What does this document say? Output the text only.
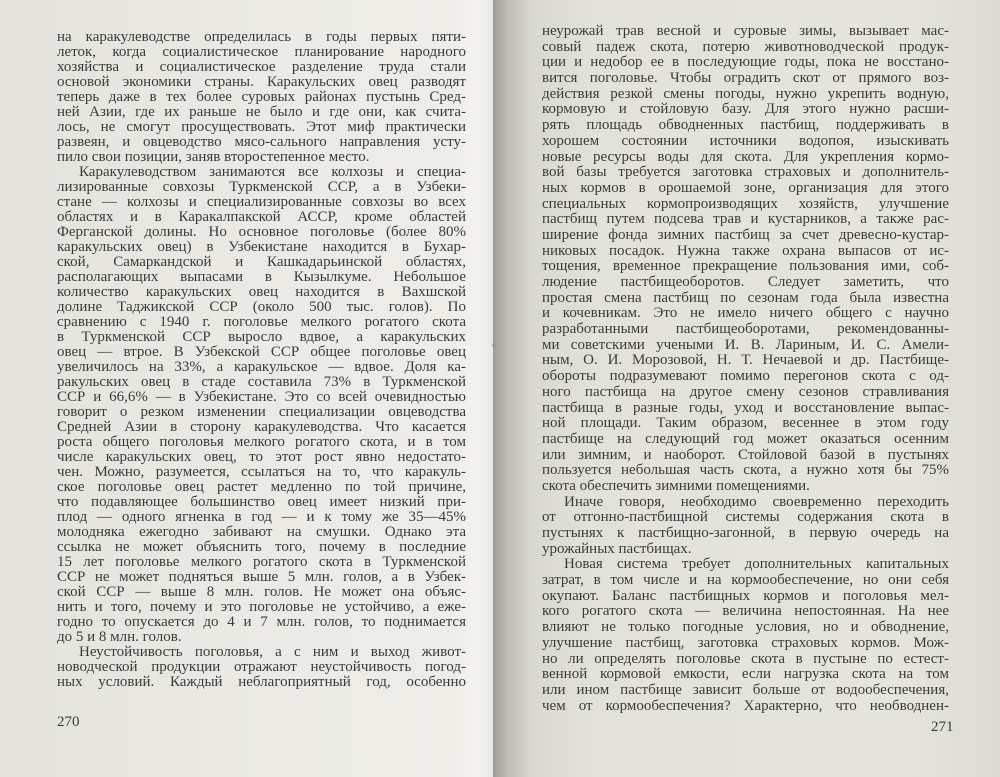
на каракулеводстве определилась в годы первых пяти-
леток, когда социалистическое планирование народного
хозяйства и социалистическое разделение труда стали
основой экономики страны. Каракульских овец разводят
теперь даже в тех более суровых районах пустынь Сред-
ней Азии, где их раньше не было и где они, как счита-
лось, не смогут просуществовать. Этот миф практически
развеян, и овцеводство мясо-сального направления усту-
пило свои позиции, заняв второстепенное место.
Каракулеводством занимаются все колхозы и специа-
лизированные совхозы Туркменской ССР, а в Узбеки-
стане — колхозы и специализированные совхозы во всех
областях и в Каракалпакской АССР, кроме областей
Ферганской долины. Но основное поголовье (более 80%
каракульских овец) в Узбекистане находится в Бухар-
ской, Самаркандской и Кашкадарьинской областях,
располагающих выпасами в Кызылкуме. Небольшое
количество каракульских овец находится в Вахшской
долине Таджикской ССР (около 500 тыс. голов). По
сравнению с 1940 г. поголовье мелкого рогатого скота
в Туркменской ССР выросло вдвое, а каракульских
овец — втрое. В Узбекской ССР общее поголовье овец
увеличилось на 33%, а каракульское — вдвое. Доля ка-
ракульских овец в стаде составила 73% в Туркменской
ССР и 66,6% — в Узбекистане. Это со всей очевидностью
говорит о резком изменении специализации овцеводства
Средней Азии в сторону каракулеводства. Что касается
роста общего поголовья мелкого рогатого скота, и в том
числе каракульских овец, то этот рост явно недостато-
чен. Можно, разумеется, ссылаться на то, что каракуль-
ское поголовье овец растет медленно по той причине,
что подавляющее большинство овец имеет низкий при-
плод — одного ягненка в год — и к тому же 35—45%
молодняка ежегодно забивают на смушки. Однако эта
ссылка не может объяснить того, почему в последние
15 лет поголовье мелкого рогатого скота в Туркменской
ССР не может подняться выше 5 млн. голов, а в Узбек-
ской ССР — выше 8 млн. голов. Не может она объяс-
нить и того, почему и это поголовье не устойчиво, а еже-
годно то опускается до 4 и 7 млн. голов, то поднимается
до 5 и 8 млн. голов.
Неустойчивость поголовья, а с ним и выход живот-
новодческой продукции отражают неустойчивость погод-
ных условий. Каждый неблагоприятный год, особенно
270
ǝ
неурожай трав весной и суровые зимы, вызывает мас-
совый падеж скота, потерю животноводческой продук-
ции и недобор ее в последующие годы, пока не восстано-
вится поголовье. Чтобы оградить скот от прямого воз-
действия резкой смены погоды, нужно укрепить водную,
кормовую и стойловую базу. Для этого нужно расши-
рять площадь обводненных пастбищ, поддерживать в
хорошем состоянии источники водопоя, изыскивать
новые ресурсы воды для скота. Для укрепления кормо-
вой базы требуется заготовка страховых и дополнитель-
ных кормов в орошаемой зоне, организация для этого
специальных кормопроизводящих хозяйств, улучшение
пастбищ путем подсева трав и кустарников, а также рас-
ширение фонда зимних пастбищ за счет древесно-кустар-
никовых посадок. Нужна также охрана выпасов от ис-
тощения, временное прекращение пользования ими, соб-
людение пастбищеоборотов. Следует заметить, что
простая смена пастбищ по сезонам года была известна
и кочевникам. Это не имело ничего общего с научно
разработанными пастбищеоборотами, рекомендованны-
ми советскими учеными И. В. Лариным, И. С. Амели-
ным, О. И. Морозовой, Н. Т. Нечаевой и др. Пастбище-
обороты подразумевают помимо перегонов скота с од-
ного пастбища на другое смену сезонов стравливания
пастбища в разные годы, уход и восстановление выпас-
ной площади. Таким образом, весеннее в этом году
пастбище на следующий год может оказаться осенним
или зимним, и наоборот. Стойловой базой в пустынях
пользуется небольшая часть скота, а нужно хотя бы 75%
скота обеспечить зимними помещениями.
Иначе говоря, необходимо своевременно переходить
от отгонно-пастбищной системы содержания скота в
пустынях к пастбищно-загонной, в первую очередь на
урожайных пастбищах.
Новая система требует дополнительных капитальных
затрат, в том числе и на кормообеспечение, но они себя
окупают. Баланс пастбищных кормов и поголовья мел-
кого рогатого скота — величина непостоянная. На нее
влияют не только погодные условия, но и обводнение,
улучшение пастбищ, заготовка страховых кормов. Мож-
но ли определять поголовье скота в пустыне по естест-
венной кормовой емкости, если нагрузка скота на том
или ином пастбище зависит больше от водообеспечения,
чем от кормообеспечения? Характерно, что необводнен-
271
